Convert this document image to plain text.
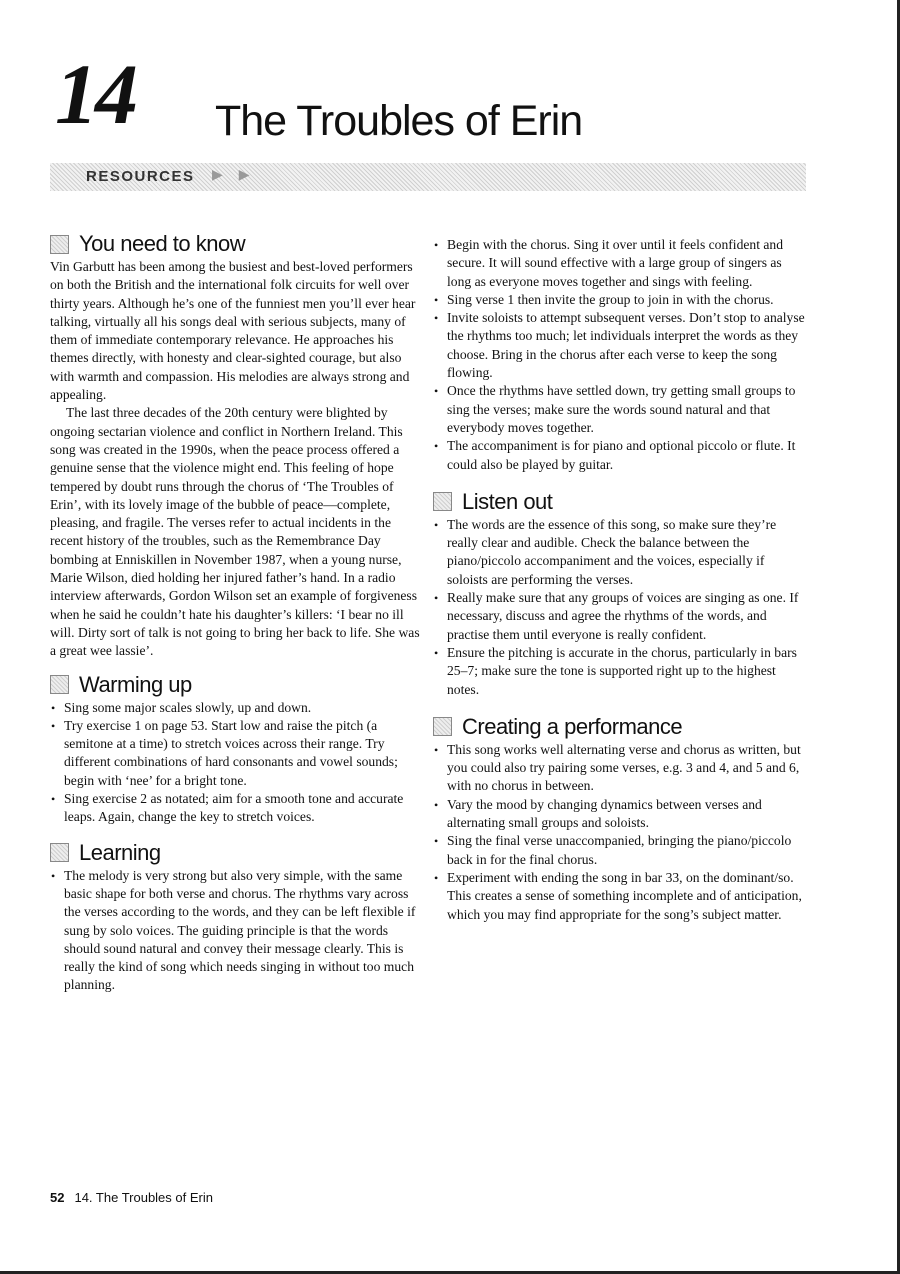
14 The Troubles of Erin
RESOURCES ▶▶
You need to know

Vin Garbutt has been among the busiest and best-loved performers on both the British and the international folk circuits for well over thirty years. Although he’s one of the funniest men you’ll ever hear talking, virtually all his songs deal with serious subjects, many of them of immediate contemporary relevance. He approaches his themes directly, with honesty and clear-sighted courage, but also with warmth and compassion. His melodies are always strong and appealing.

The last three decades of the 20th century were blighted by ongoing sectarian violence and conflict in Northern Ireland. This song was created in the 1990s, when the peace process offered a genuine sense that the violence might end. This feeling of hope tempered by doubt runs through the chorus of ‘The Troubles of Erin’, with its lovely image of the bubble of peace—complete, pleasing, and fragile. The verses refer to actual incidents in the recent history of the troubles, such as the Remembrance Day bombing at Enniskillen in November 1987, when a young nurse, Marie Wilson, died holding her injured father’s hand. In a radio interview afterwards, Gordon Wilson set an example of forgiveness when he said he couldn’t hate his daughter’s killers: ‘I bear no ill will. Dirty sort of talk is not going to bring her back to life. She was a great wee lassie’.

Warming up
• Sing some major scales slowly, up and down.
• Try exercise 1 on page 53. Start low and raise the pitch (a semitone at a time) to stretch voices across their range. Try different combinations of hard consonants and vowel sounds; begin with ‘nee’ for a bright tone.
• Sing exercise 2 as notated; aim for a smooth tone and accurate leaps. Again, change the key to stretch voices.
Learning
• The melody is very strong but also very simple, with the same basic shape for both verse and chorus. The rhythms vary across the verses according to the words, and they can be left flexible if sung by solo voices. The guiding principle is that the words should sound natural and convey their message clearly. This is really the kind of song which needs singing in without too much planning.
• Begin with the chorus. Sing it over until it feels confident and secure. It will sound effective with a large group of singers as long as everyone moves together and sings with feeling.
• Sing verse 1 then invite the group to join in with the chorus.
• Invite soloists to attempt subsequent verses. Don’t stop to analyse the rhythms too much; let individuals interpret the words as they choose. Bring in the chorus after each verse to keep the song flowing.
• Once the rhythms have settled down, try getting small groups to sing the verses; make sure the words sound natural and that everybody moves together.
• The accompaniment is for piano and optional piccolo or flute. It could also be played by guitar.
Listen out
• The words are the essence of this song, so make sure they’re really clear and audible. Check the balance between the piano/piccolo accompaniment and the voices, especially if soloists are performing the verses.
• Really make sure that any groups of voices are singing as one. If necessary, discuss and agree the rhythms of the words, and practise them until everyone is really confident.
• Ensure the pitching is accurate in the chorus, particularly in bars 25–7; make sure the tone is supported right up to the highest notes.
Creating a performance
• This song works well alternating verse and chorus as written, but you could also try pairing some verses, e.g. 3 and 4, and 5 and 6, with no chorus in between.
• Vary the mood by changing dynamics between verses and alternating small groups and soloists.
• Sing the final verse unaccompanied, bringing the piano/piccolo back in for the final chorus.
• Experiment with ending the song in bar 33, on the dominant/so. This creates a sense of something incomplete and of anticipation, which you may find appropriate for the song’s subject matter.
52 14. The Troubles of Erin
